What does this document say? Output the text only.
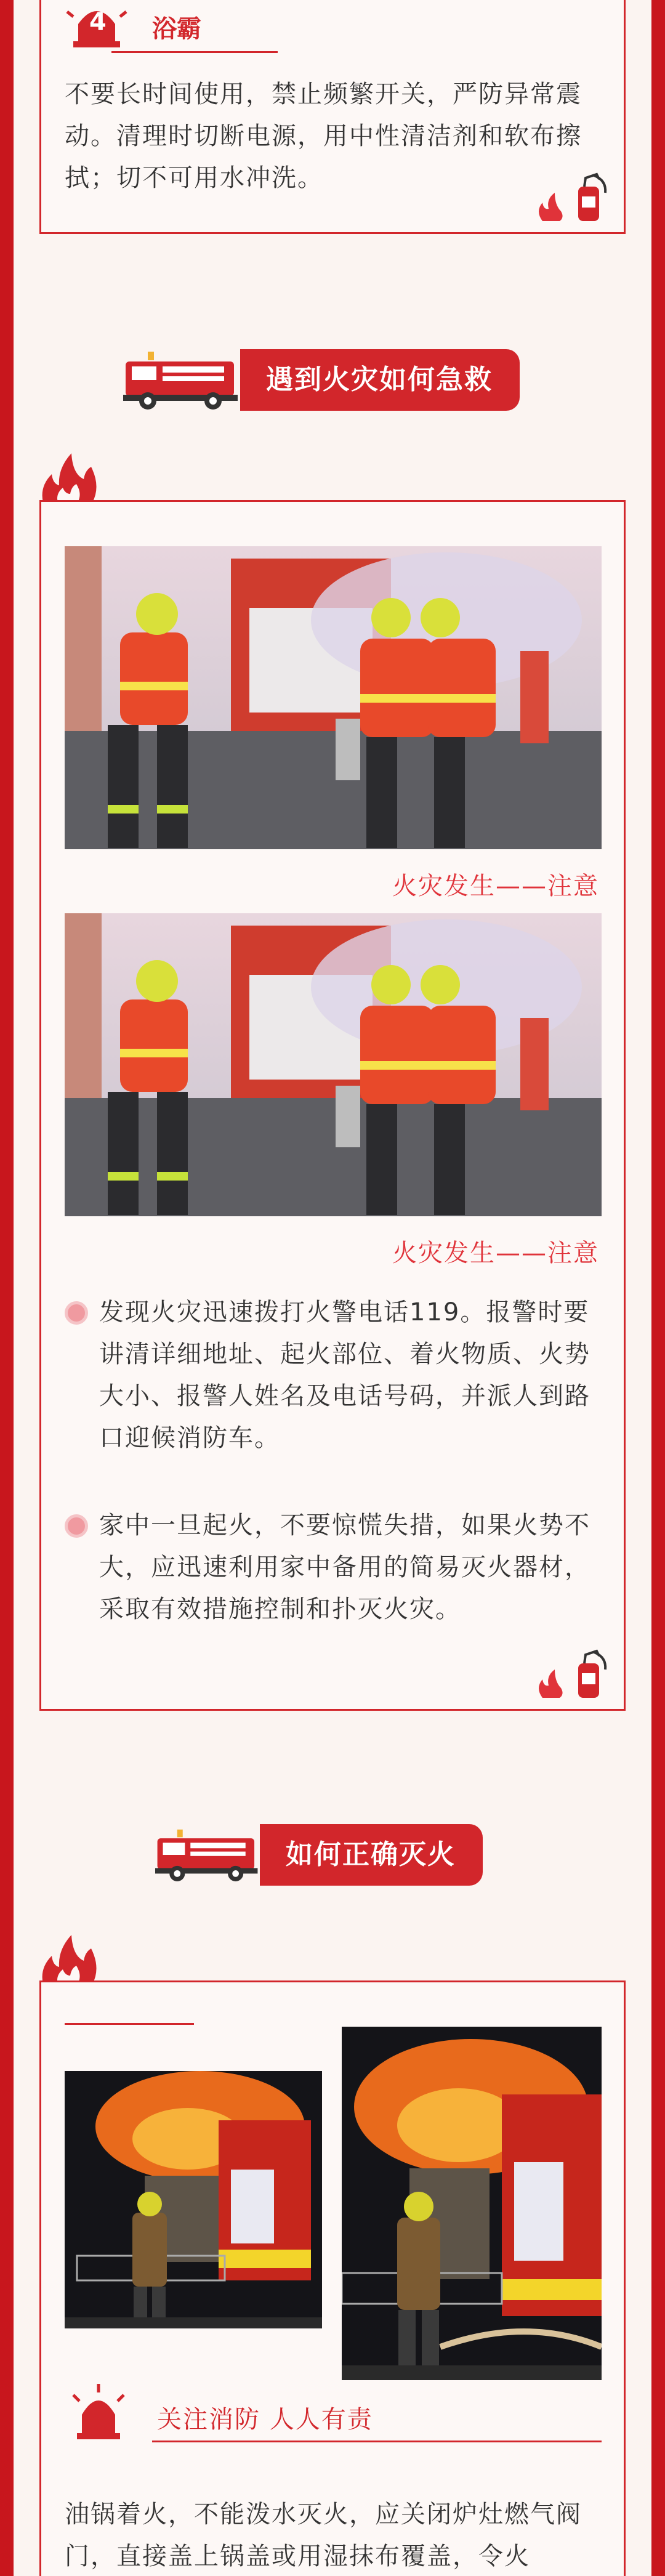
4 浴霸

不要长时间使用，禁止频繁开关，严防异常震动。清理时切断电源，用中性清洁剂和软布擦拭；切不可用水冲洗。

遇到火灾如何急救
火灾发生——注意
火灾发生——注意

发现火灾迅速拨打火警电话119。报警时要讲清详细地址、起火部位、着火物质、火势大小、报警人姓名及电话号码，并派人到路口迎候消防车。

家中一旦起火，不要惊慌失措，如果火势不大，应迅速利用家中备用的简易灭火器材，采取有效措施控制和扑灭火灾。

如何正确灭火
关注消防 人人有责

油锅着火，不能泼水灭火，应关闭炉灶燃气阀门，直接盖上锅盖或用湿抹布覆盖，令火
